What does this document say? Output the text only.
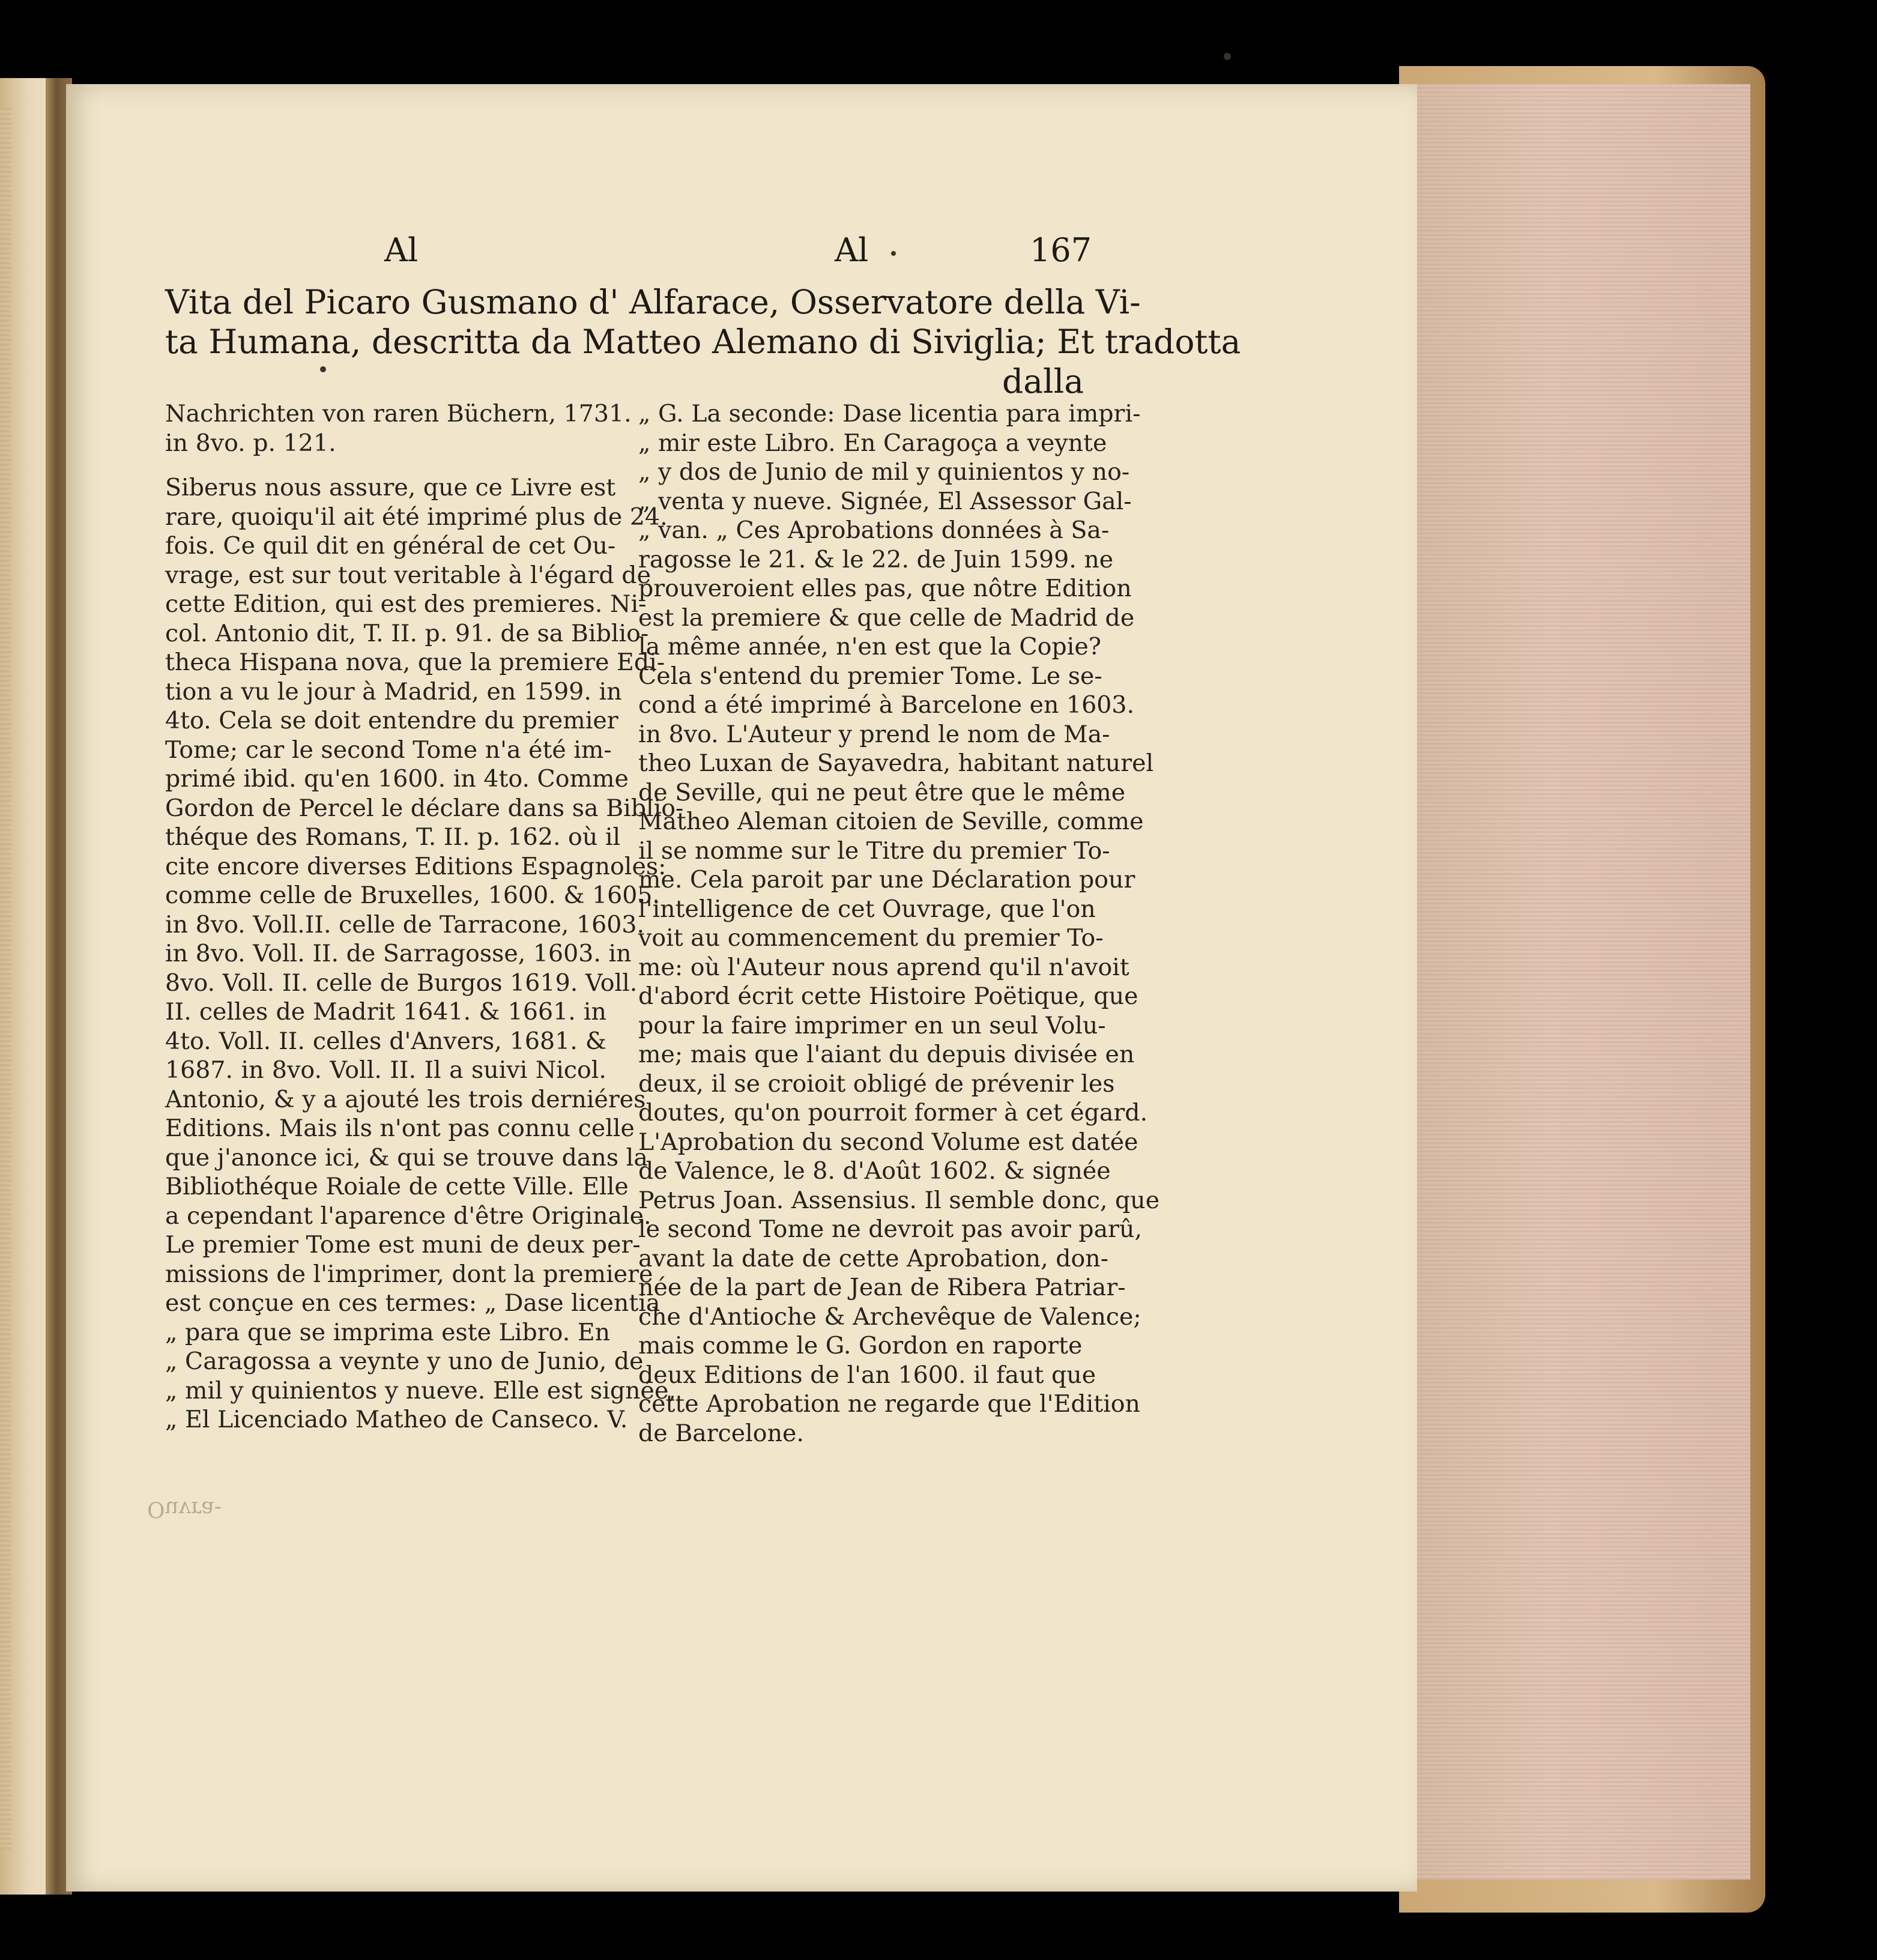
Al	Al	167
Vita del Picaro Gusmano d' Alfarace, Osservatore della Vi-
ta Humana, descritta da Matteo Alemano di Siviglia; Et tradotta
dalla
Nachrichten von raren Büchern, 1731.
in 8vo. p. 121.
Siberus nous assure, que ce Livre est
rare, quoiqu'il ait été imprimé plus de 24.
fois. Ce quil dit en général de cet Ou-
vrage, est sur tout veritable à l'égard de
cette Edition, qui est des premieres. Ni-
col. Antonio dit, T. II. p. 91. de sa Biblio-
theca Hispana nova, que la premiere Edi-
tion a vu le jour à Madrid, en 1599. in
4to. Cela se doit entendre du premier
Tome; car le second Tome n'a été im-
primé ibid. qu'en 1600. in 4to. Comme
Gordon de Percel le déclare dans sa Biblio-
théque des Romans, T. II. p. 162. où il
cite encore diverses Editions Espagnoles:
comme celle de Bruxelles, 1600. & 1605.
in 8vo. Voll.II. celle de Tarracone, 1603.
in 8vo. Voll. II. de Sarragosse, 1603. in
8vo. Voll. II. celle de Burgos 1619. Voll.
II. celles de Madrit 1641. & 1661. in
4to. Voll. II. celles d'Anvers, 1681. &
1687. in 8vo. Voll. II. Il a suivi Nicol.
Antonio, & y a ajouté les trois derniéres
Editions. Mais ils n'ont pas connu celle
que j'anonce ici, & qui se trouve dans la
Bibliothéque Roiale de cette Ville. Elle
a cependant l'aparence d'être Originale.
Le premier Tome est muni de deux per-
missions de l'imprimer, dont la premiere
est conçue en ces termes: „ Dase licentia
„ para que se imprima este Libro. En
„ Caragossa a veynte y uno de Junio, de
„ mil y quinientos y nueve. Elle est signée,
„ El Licenciado Matheo de Canseco. V.
„ G. La seconde: Dase licentia para impri-
„ mir este Libro. En Caragoça a veynte
„ y dos de Junio de mil y quinientos y no-
„ venta y nueve. Signée, El Assessor Gal-
„ van. „ Ces Aprobations données à Sa-
ragosse le 21. & le 22. de Juin 1599. ne
prouveroient elles pas, que nôtre Edition
est la premiere & que celle de Madrid de
la même année, n'en est que la Copie?
Cela s'entend du premier Tome. Le se-
cond a été imprimé à Barcelone en 1603.
in 8vo. L'Auteur y prend le nom de Ma-
theo Luxan de Sayavedra, habitant naturel
de Seville, qui ne peut être que le même
Matheo Aleman citoien de Seville, comme
il se nomme sur le Titre du premier To-
me. Cela paroit par une Déclaration pour
l'intelligence de cet Ouvrage, que l'on
voit au commencement du premier To-
me: où l'Auteur nous aprend qu'il n'avoit
d'abord écrit cette Histoire Poëtique, que
pour la faire imprimer en un seul Volu-
me; mais que l'aiant du depuis divisée en
deux, il se croioit obligé de prévenir les
doutes, qu'on pourroit former à cet égard.
L'Aprobation du second Volume est datée
de Valence, le 8. d'Août 1602. & signée
Petrus Joan. Assensius. Il semble donc, que
le second Tome ne devroit pas avoir parû,
avant la date de cette Aprobation, don-
née de la part de Jean de Ribera Patriar-
che d'Antioche & Archevêque de Valence;
mais comme le G. Gordon en raporte
deux Editions de l'an 1600. il faut que
cette Aprobation ne regarde que l'Edition
de Barcelone.
Ouvra-
